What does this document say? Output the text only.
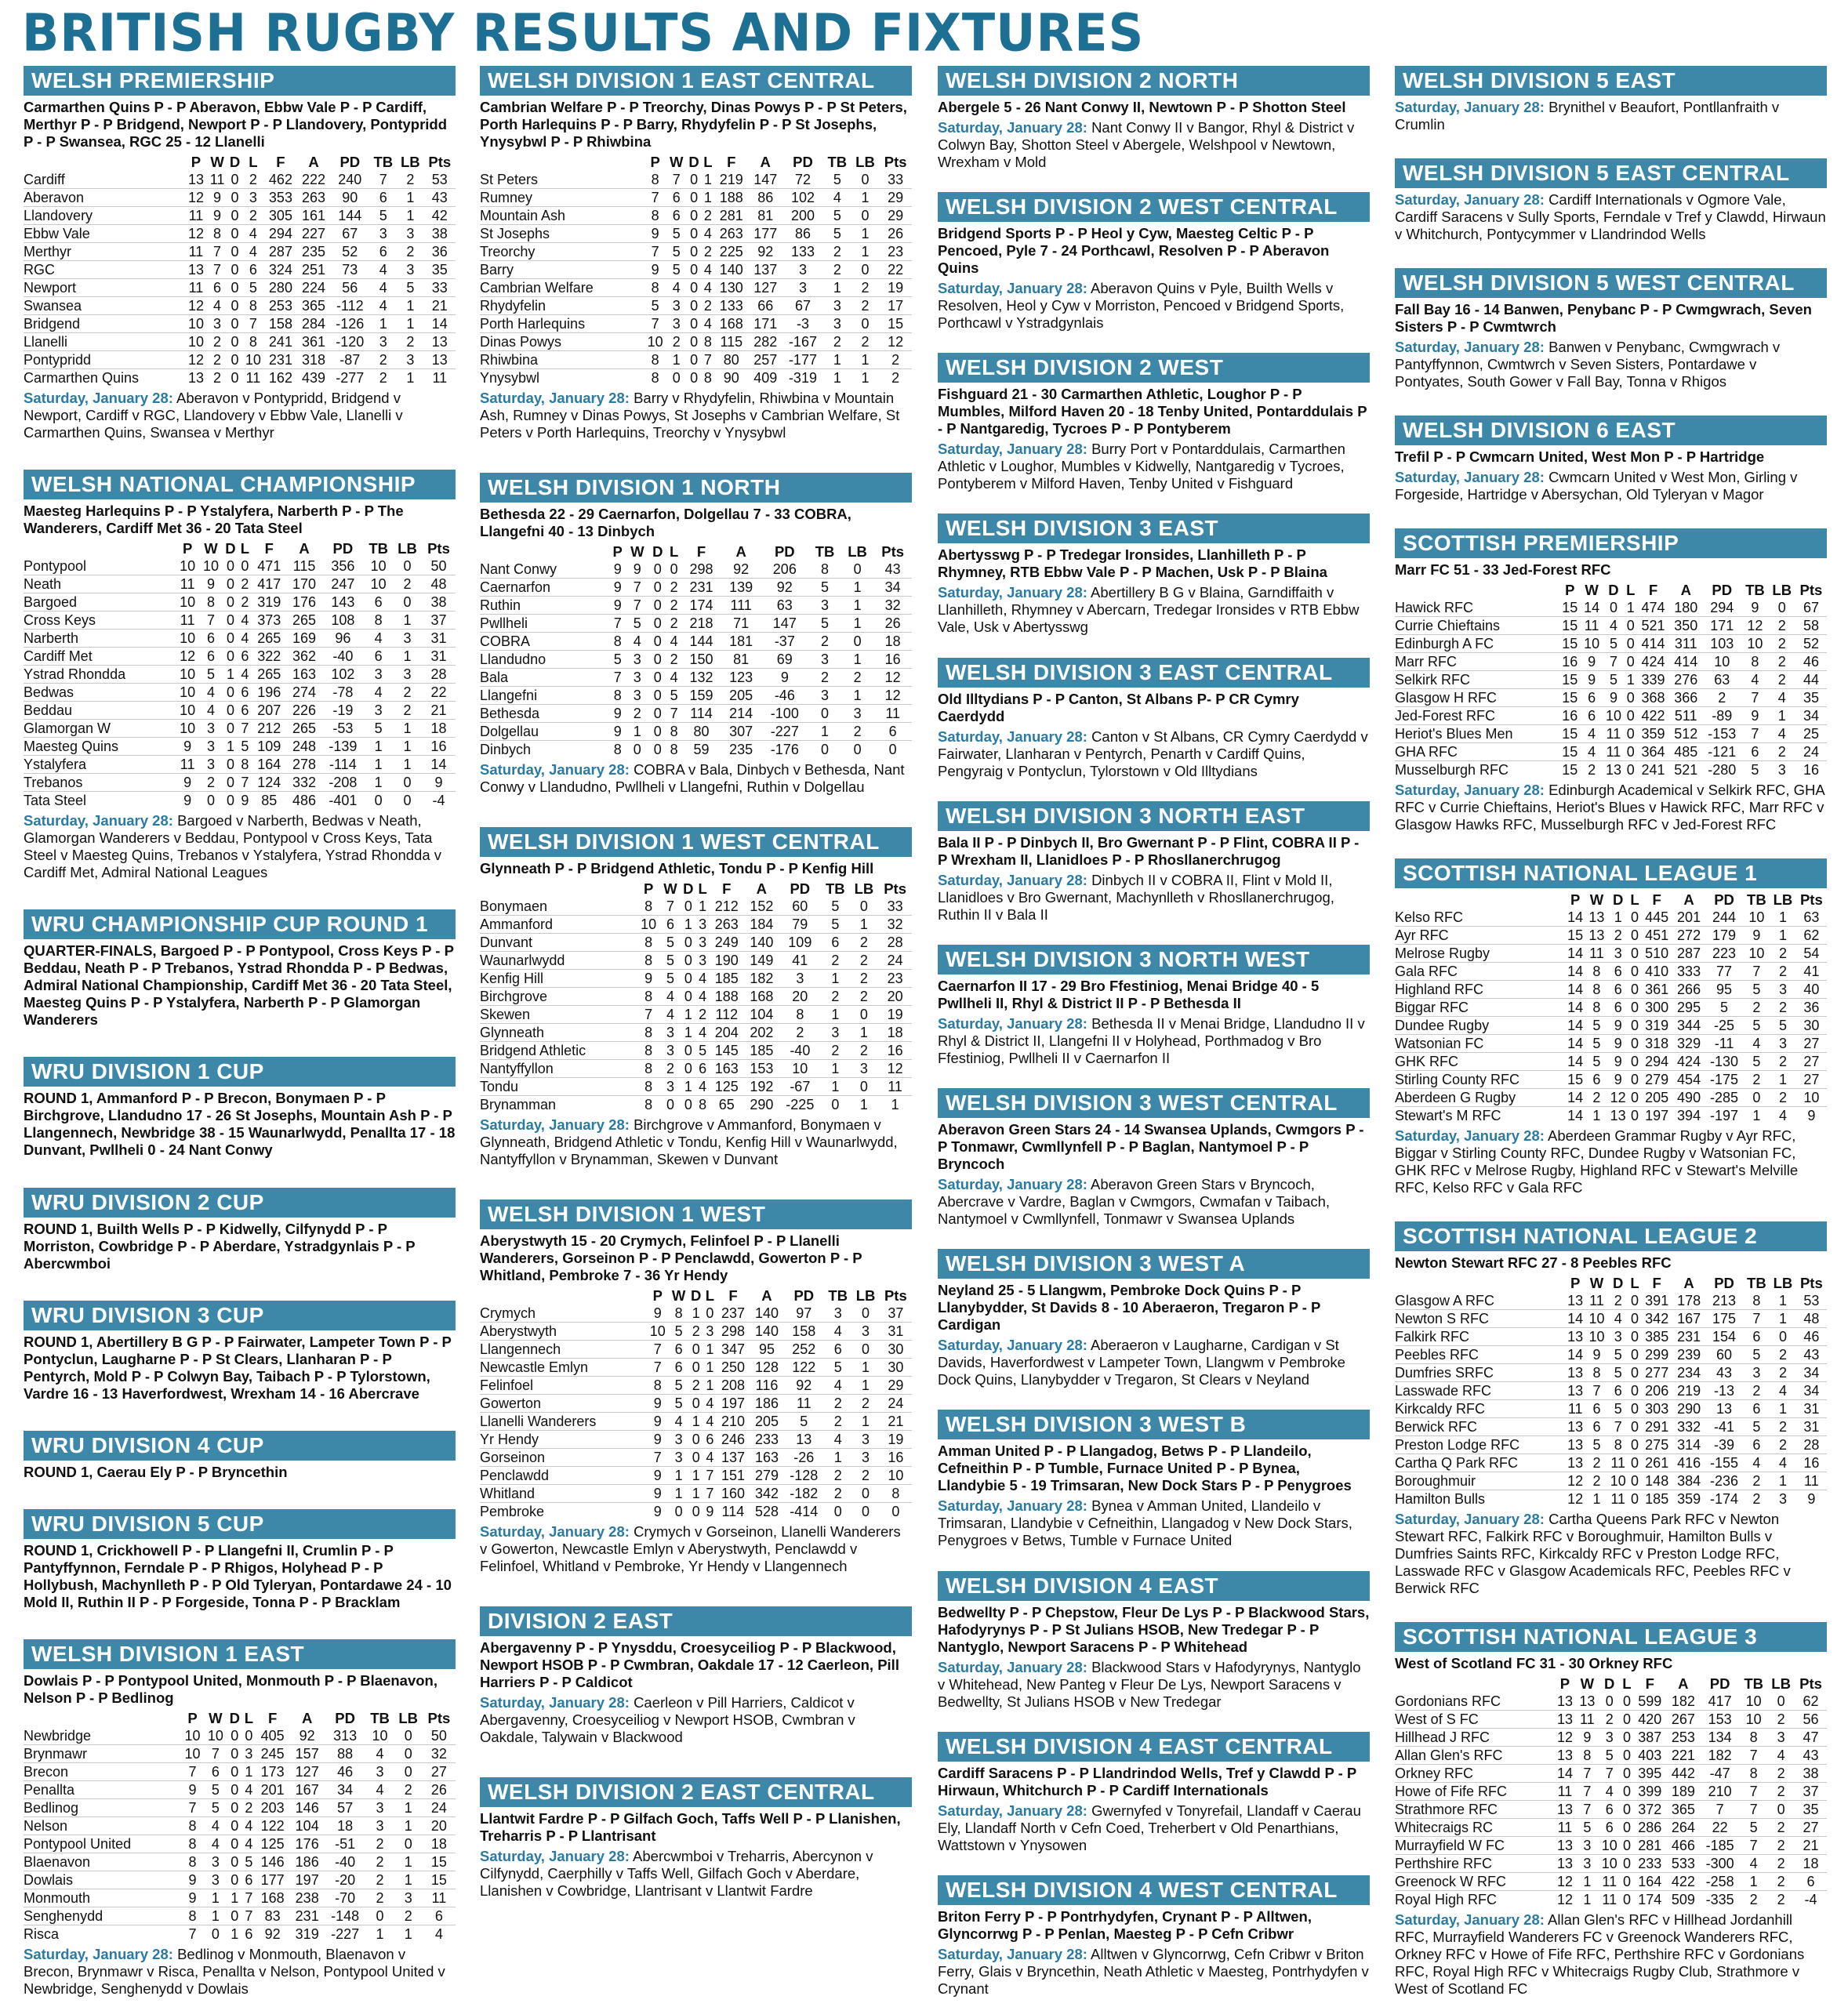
BRITISH RUGBY RESULTS AND FIXTURES
WELSH PREMIERSHIP

Carmarthen Quins P - P Aberavon, Ebbw Vale P - P Cardiff, Merthyr P - P Bridgend, Newport P - P Llandovery, Pontypridd P - P Swansea, RGC 25 - 12 Llanelli

	P	W	D	L	F	A	PD	TB	LB	Pts
Cardiff	13	11	0	2	462	222	240	7	2	53
Aberavon	12	9	0	3	353	263	90	6	1	43
Llandovery	11	9	0	2	305	161	144	5	1	42
Ebbw Vale	12	8	0	4	294	227	67	3	3	38
Merthyr	11	7	0	4	287	235	52	6	2	36
RGC	13	7	0	6	324	251	73	4	3	35
Newport	11	6	0	5	280	224	56	4	5	33
Swansea	12	4	0	8	253	365	-112	4	1	21
Bridgend	10	3	0	7	158	284	-126	1	1	14
Llanelli	10	2	0	8	241	361	-120	3	2	13
Pontypridd	12	2	0	10	231	318	-87	2	3	13
Carmarthen Quins	13	2	0	11	162	439	-277	2	1	11

Saturday, January 28: Aberavon v Pontypridd, Bridgend v Newport, Cardiff v RGC, Llandovery v Ebbw Vale, Llanelli v Carmarthen Quins, Swansea v Merthyr

WELSH NATIONAL CHAMPIONSHIP

Maesteg Harlequins P - P Ystalyfera, Narberth P - P The Wanderers, Cardiff Met 36 - 20 Tata Steel

	P	W	D	L	F	A	PD	TB	LB	Pts
Pontypool	10	10	0	0	471	115	356	10	0	50
Neath	11	9	0	2	417	170	247	10	2	48
Bargoed	10	8	0	2	319	176	143	6	0	38
Cross Keys	11	7	0	4	373	265	108	8	1	37
Narberth	10	6	0	4	265	169	96	4	3	31
Cardiff Met	12	6	0	6	322	362	-40	6	1	31
Ystrad Rhondda	10	5	1	4	265	163	102	3	3	28
Bedwas	10	4	0	6	196	274	-78	4	2	22
Beddau	10	4	0	6	207	226	-19	3	2	21
Glamorgan W	10	3	0	7	212	265	-53	5	1	18
Maesteg Quins	9	3	1	5	109	248	-139	1	1	16
Ystalyfera	11	3	0	8	164	278	-114	1	1	14
Trebanos	9	2	0	7	124	332	-208	1	0	9
Tata Steel	9	0	0	9	85	486	-401	0	0	-4

Saturday, January 28: Bargoed v Narberth, Bedwas v Neath, Glamorgan Wanderers v Beddau, Pontypool v Cross Keys, Tata Steel v Maesteg Quins, Trebanos v Ystalyfera, Ystrad Rhondda v Cardiff Met, Admiral National Leagues

WRU CHAMPIONSHIP CUP ROUND 1

QUARTER-FINALS, Bargoed P - P Pontypool, Cross Keys P - P Beddau, Neath P - P Trebanos, Ystrad Rhondda P - P Bedwas, Admiral National Championship, Cardiff Met 36 - 20 Tata Steel, Maesteg Quins P - P Ystalyfera, Narberth P - P Glamorgan Wanderers

WRU DIVISION 1 CUP

ROUND 1, Ammanford P - P Brecon, Bonymaen P - P Birchgrove, Llandudno 17 - 26 St Josephs, Mountain Ash P - P Llangennech, Newbridge 38 - 15 Waunarlwydd, Penallta 17 - 18 Dunvant, Pwllheli 0 - 24 Nant Conwy

WRU DIVISION 2 CUP

ROUND 1, Builth Wells P - P Kidwelly, Cilfynydd P - P Morriston, Cowbridge P - P Aberdare, Ystradgynlais P - P Abercwmboi

WRU DIVISION 3 CUP

ROUND 1, Abertillery B G P - P Fairwater, Lampeter Town P - P Pontyclun, Laugharne P - P St Clears, Llanharan P - P Pentyrch, Mold P - P Colwyn Bay, Taibach P - P Tylorstown, Vardre 16 - 13 Haverfordwest, Wrexham 14 - 16 Abercrave

WRU DIVISION 4 CUP

ROUND 1, Caerau Ely P - P Bryncethin

WRU DIVISION 5 CUP

ROUND 1, Crickhowell P - P Llangefni II, Crumlin P - P Pantyffynnon, Ferndale P - P Rhigos, Holyhead P - P Hollybush, Machynlleth P - P Old Tyleryan, Pontardawe 24 - 10 Mold II, Ruthin II P - P Forgeside, Tonna P - P Bracklam

WELSH DIVISION 1 EAST

Dowlais P - P Pontypool United, Monmouth P - P Blaenavon, Nelson P - P Bedlinog

	P	W	D	L	F	A	PD	TB	LB	Pts
Newbridge	10	10	0	0	405	92	313	10	0	50
Brynmawr	10	7	0	3	245	157	88	4	0	32
Brecon	7	6	0	1	173	127	46	3	0	27
Penallta	9	5	0	4	201	167	34	4	2	26
Bedlinog	7	5	0	2	203	146	57	3	1	24
Nelson	8	4	0	4	122	104	18	3	1	20
Pontypool United	8	4	0	4	125	176	-51	2	0	18
Blaenavon	8	3	0	5	146	186	-40	2	1	15
Dowlais	9	3	0	6	177	197	-20	2	1	15
Monmouth	9	1	1	7	168	238	-70	2	3	11
Senghenydd	8	1	0	7	83	231	-148	0	2	6
Risca	7	0	1	6	92	319	-227	1	1	4

Saturday, January 28: Bedlinog v Monmouth, Blaenavon v Brecon, Brynmawr v Risca, Penallta v Nelson, Pontypool United v Newbridge, Senghenydd v Dowlais

WELSH DIVISION 1 EAST CENTRAL

Cambrian Welfare P - P Treorchy, Dinas Powys P - P St Peters, Porth Harlequins P - P Barry, Rhydyfelin P - P St Josephs, Ynysybwl P - P Rhiwbina

	P	W	D	L	F	A	PD	TB	LB	Pts
St Peters	8	7	0	1	219	147	72	5	0	33
Rumney	7	6	0	1	188	86	102	4	1	29
Mountain Ash	8	6	0	2	281	81	200	5	0	29
St Josephs	9	5	0	4	263	177	86	5	1	26
Treorchy	7	5	0	2	225	92	133	2	1	23
Barry	9	5	0	4	140	137	3	2	0	22
Cambrian Welfare	8	4	0	4	130	127	3	1	2	19
Rhydyfelin	5	3	0	2	133	66	67	3	2	17
Porth Harlequins	7	3	0	4	168	171	-3	3	0	15
Dinas Powys	10	2	0	8	115	282	-167	2	2	12
Rhiwbina	8	1	0	7	80	257	-177	1	1	2
Ynysybwl	8	0	0	8	90	409	-319	1	1	2

Saturday, January 28: Barry v Rhydyfelin, Rhiwbina v Mountain Ash, Rumney v Dinas Powys, St Josephs v Cambrian Welfare, St Peters v Porth Harlequins, Treorchy v Ynysybwl

WELSH DIVISION 1 NORTH

Bethesda 22 - 29 Caernarfon, Dolgellau 7 - 33 COBRA, Llangefni 40 - 13 Dinbych

	P	W	D	L	F	A	PD	TB	LB	Pts
Nant Conwy	9	9	0	0	298	92	206	8	0	43
Caernarfon	9	7	0	2	231	139	92	5	1	34
Ruthin	9	7	0	2	174	111	63	3	1	32
Pwllheli	7	5	0	2	218	71	147	5	1	26
COBRA	8	4	0	4	144	181	-37	2	0	18
Llandudno	5	3	0	2	150	81	69	3	1	16
Bala	7	3	0	4	132	123	9	2	2	12
Llangefni	8	3	0	5	159	205	-46	3	1	12
Bethesda	9	2	0	7	114	214	-100	0	3	11
Dolgellau	9	1	0	8	80	307	-227	1	2	6
Dinbych	8	0	0	8	59	235	-176	0	0	0

Saturday, January 28: COBRA v Bala, Dinbych v Bethesda, Nant Conwy v Llandudno, Pwllheli v Llangefni, Ruthin v Dolgellau

WELSH DIVISION 1 WEST CENTRAL

Glynneath P - P Bridgend Athletic, Tondu P - P Kenfig Hill

	P	W	D	L	F	A	PD	TB	LB	Pts
Bonymaen	8	7	0	1	212	152	60	5	0	33
Ammanford	10	6	1	3	263	184	79	5	1	32
Dunvant	8	5	0	3	249	140	109	6	2	28
Waunarlwydd	8	5	0	3	190	149	41	2	2	24
Kenfig Hill	9	5	0	4	185	182	3	1	2	23
Birchgrove	8	4	0	4	188	168	20	2	2	20
Skewen	7	4	1	2	112	104	8	1	0	19
Glynneath	8	3	1	4	204	202	2	3	1	18
Bridgend Athletic	8	3	0	5	145	185	-40	2	2	16
Nantyffyllon	8	2	0	6	163	153	10	1	3	12
Tondu	8	3	1	4	125	192	-67	1	0	11
Brynamman	8	0	0	8	65	290	-225	0	1	1

Saturday, January 28: Birchgrove v Ammanford, Bonymaen v Glynneath, Bridgend Athletic v Tondu, Kenfig Hill v Waunarlwydd, Nantyffyllon v Brynamman, Skewen v Dunvant

WELSH DIVISION 1 WEST

Aberystwyth 15 - 20 Crymych, Felinfoel P - P Llanelli Wanderers, Gorseinon P - P Penclawdd, Gowerton P - P Whitland, Pembroke 7 - 36 Yr Hendy

	P	W	D	L	F	A	PD	TB	LB	Pts
Crymych	9	8	1	0	237	140	97	3	0	37
Aberystwyth	10	5	2	3	298	140	158	4	3	31
Llangennech	7	6	0	1	347	95	252	6	0	30
Newcastle Emlyn	7	6	0	1	250	128	122	5	1	30
Felinfoel	8	5	2	1	208	116	92	4	1	29
Gowerton	9	5	0	4	197	186	11	2	2	24
Llanelli Wanderers	9	4	1	4	210	205	5	2	1	21
Yr Hendy	9	3	0	6	246	233	13	4	3	19
Gorseinon	7	3	0	4	137	163	-26	1	3	16
Penclawdd	9	1	1	7	151	279	-128	2	2	10
Whitland	9	1	1	7	160	342	-182	2	0	8
Pembroke	9	0	0	9	114	528	-414	0	0	0

Saturday, January 28: Crymych v Gorseinon, Llanelli Wanderers v Gowerton, Newcastle Emlyn v Aberystwyth, Penclawdd v Felinfoel, Whitland v Pembroke, Yr Hendy v Llangennech

DIVISION 2 EAST

Abergavenny P - P Ynysddu, Croesyceiliog P - P Blackwood, Newport HSOB P - P Cwmbran, Oakdale 17 - 12 Caerleon, Pill Harriers P - P Caldicot

Saturday, January 28: Caerleon v Pill Harriers, Caldicot v Abergavenny, Croesyceiliog v Newport HSOB, Cwmbran v Oakdale, Talywain v Blackwood

WELSH DIVISION 2 EAST CENTRAL

Llantwit Fardre P - P Gilfach Goch, Taffs Well P - P Llanishen, Treharris P - P Llantrisant

Saturday, January 28: Abercwmboi v Treharris, Abercynon v Cilfynydd, Caerphilly v Taffs Well, Gilfach Goch v Aberdare, Llanishen v Cowbridge, Llantrisant v Llantwit Fardre

WELSH DIVISION 2 NORTH

Abergele 5 - 26 Nant Conwy II, Newtown P - P Shotton Steel

Saturday, January 28: Nant Conwy II v Bangor, Rhyl & District v Colwyn Bay, Shotton Steel v Abergele, Welshpool v Newtown, Wrexham v Mold

WELSH DIVISION 2 WEST CENTRAL

Bridgend Sports P - P Heol y Cyw, Maesteg Celtic P - P Pencoed, Pyle 7 - 24 Porthcawl, Resolven P - P Aberavon Quins

Saturday, January 28: Aberavon Quins v Pyle, Builth Wells v Resolven, Heol y Cyw v Morriston, Pencoed v Bridgend Sports, Porthcawl v Ystradgynlais

WELSH DIVISION 2 WEST

Fishguard 21 - 30 Carmarthen Athletic, Loughor P - P Mumbles, Milford Haven 20 - 18 Tenby United, Pontarddulais P - P Nantgaredig, Tycroes P - P Pontyberem

Saturday, January 28: Burry Port v Pontarddulais, Carmarthen Athletic v Loughor, Mumbles v Kidwelly, Nantgaredig v Tycroes, Pontyberem v Milford Haven, Tenby United v Fishguard

WELSH DIVISION 3 EAST

Abertysswg P - P Tredegar Ironsides, Llanhilleth P - P Rhymney, RTB Ebbw Vale P - P Machen, Usk P - P Blaina

Saturday, January 28: Abertillery B G v Blaina, Garndiffaith v Llanhilleth, Rhymney v Abercarn, Tredegar Ironsides v RTB Ebbw Vale, Usk v Abertysswg

WELSH DIVISION 3 EAST CENTRAL

Old Illtydians P - P Canton, St Albans P- P CR Cymry Caerdydd

Saturday, January 28: Canton v St Albans, CR Cymry Caerdydd v Fairwater, Llanharan v Pentyrch, Penarth v Cardiff Quins, Pengyraig v Pontyclun, Tylorstown v Old Illtydians

WELSH DIVISION 3 NORTH EAST

Bala II P - P Dinbych II, Bro Gwernant P - P Flint, COBRA II P - P Wrexham II, Llanidloes P - P Rhosllanerchrugog

Saturday, January 28: Dinbych II v COBRA II, Flint v Mold II, Llanidloes v Bro Gwernant, Machynlleth v Rhosllanerchrugog, Ruthin II v Bala II

WELSH DIVISION 3 NORTH WEST

Caernarfon II 17 - 29 Bro Ffestiniog, Menai Bridge 40 - 5 Pwllheli II, Rhyl & District II P - P Bethesda II

Saturday, January 28: Bethesda II v Menai Bridge, Llandudno II v Rhyl & District II, Llangefni II v Holyhead, Porthmadog v Bro Ffestiniog, Pwllheli II v Caernarfon II

WELSH DIVISION 3 WEST CENTRAL

Aberavon Green Stars 24 - 14 Swansea Uplands, Cwmgors P - P Tonmawr, Cwmllynfell P - P Baglan, Nantymoel P - P Bryncoch

Saturday, January 28: Aberavon Green Stars v Bryncoch, Abercrave v Vardre, Baglan v Cwmgors, Cwmafan v Taibach, Nantymoel v Cwmllynfell, Tonmawr v Swansea Uplands

WELSH DIVISION 3 WEST A

Neyland 25 - 5 Llangwm, Pembroke Dock Quins P - P Llanybydder, St Davids 8 - 10 Aberaeron, Tregaron P - P Cardigan

Saturday, January 28: Aberaeron v Laugharne, Cardigan v St Davids, Haverfordwest v Lampeter Town, Llangwm v Pembroke Dock Quins, Llanybydder v Tregaron, St Clears v Neyland

WELSH DIVISION 3 WEST B

Amman United P - P Llangadog, Betws P - P Llandeilo, Cefneithin P - P Tumble, Furnace United P - P Bynea, Llandybie 5 - 19 Trimsaran, New Dock Stars P - P Penygroes

Saturday, January 28: Bynea v Amman United, Llandeilo v Trimsaran, Llandybie v Cefneithin, Llangadog v New Dock Stars, Penygroes v Betws, Tumble v Furnace United

WELSH DIVISION 4 EAST

Bedwellty P - P Chepstow, Fleur De Lys P - P Blackwood Stars, Hafodyrynys P - P St Julians HSOB, New Tredegar P - P Nantyglo, Newport Saracens P - P Whitehead

Saturday, January 28: Blackwood Stars v Hafodyrynys, Nantyglo v Whitehead, New Panteg v Fleur De Lys, Newport Saracens v Bedwellty, St Julians HSOB v New Tredegar

WELSH DIVISION 4 EAST CENTRAL

Cardiff Saracens P - P Llandrindod Wells, Tref y Clawdd P - P Hirwaun, Whitchurch P - P Cardiff Internationals

Saturday, January 28: Gwernyfed v Tonyrefail, Llandaff v Caerau Ely, Llandaff North v Cefn Coed, Treherbert v Old Penarthians, Wattstown v Ynysowen

WELSH DIVISION 4 WEST CENTRAL

Briton Ferry P - P Pontrhydyfen, Crynant P - P Alltwen, Glyncorrwg P - P Penlan, Maesteg P - P Cefn Cribwr

Saturday, January 28: Alltwen v Glyncorrwg, Cefn Cribwr v Briton Ferry, Glais v Bryncethin, Neath Athletic v Maesteg, Pontrhydyfen v Crynant

WELSH DIVISION 5 EAST

Saturday, January 28: Brynithel v Beaufort, Pontllanfraith v Crumlin

WELSH DIVISION 5 EAST CENTRAL

Saturday, January 28: Cardiff Internationals v Ogmore Vale, Cardiff Saracens v Sully Sports, Ferndale v Tref y Clawdd, Hirwaun v Whitchurch, Pontycymmer v Llandrindod Wells

WELSH DIVISION 5 WEST CENTRAL

Fall Bay 16 - 14 Banwen, Penybanc P - P Cwmgwrach, Seven Sisters P - P Cwmtwrch

Saturday, January 28: Banwen v Penybanc, Cwmgwrach v Pantyffynnon, Cwmtwrch v Seven Sisters, Pontardawe v Pontyates, South Gower v Fall Bay, Tonna v Rhigos

WELSH DIVISION 6 EAST

Trefil P - P Cwmcarn United, West Mon P - P Hartridge

Saturday, January 28: Cwmcarn United v West Mon, Girling v Forgeside, Hartridge v Abersychan, Old Tyleryan v Magor

SCOTTISH PREMIERSHIP

Marr FC 51 - 33 Jed-Forest RFC

	P	W	D	L	F	A	PD	TB	LB	Pts
Hawick RFC	15	14	0	1	474	180	294	9	0	67
Currie Chieftains	15	11	4	0	521	350	171	12	2	58
Edinburgh A FC	15	10	5	0	414	311	103	10	2	52
Marr RFC	16	9	7	0	424	414	10	8	2	46
Selkirk RFC	15	9	5	1	339	276	63	4	2	44
Glasgow H RFC	15	6	9	0	368	366	2	7	4	35
Jed-Forest RFC	16	6	10	0	422	511	-89	9	1	34
Heriot's Blues Men	15	4	11	0	359	512	-153	7	4	25
GHA RFC	15	4	11	0	364	485	-121	6	2	24
Musselburgh RFC	15	2	13	0	241	521	-280	5	3	16

Saturday, January 28: Edinburgh Academical v Selkirk RFC, GHA RFC v Currie Chieftains, Heriot's Blues v Hawick RFC, Marr RFC v Glasgow Hawks RFC, Musselburgh RFC v Jed-Forest RFC

SCOTTISH NATIONAL LEAGUE 1
	P	W	D	L	F	A	PD	TB	LB	Pts
Kelso RFC	14	13	1	0	445	201	244	10	1	63
Ayr RFC	15	13	2	0	451	272	179	9	1	62
Melrose Rugby	14	11	3	0	510	287	223	10	2	54
Gala RFC	14	8	6	0	410	333	77	7	2	41
Highland RFC	14	8	6	0	361	266	95	5	3	40
Biggar RFC	14	8	6	0	300	295	5	2	2	36
Dundee Rugby	14	5	9	0	319	344	-25	5	5	30
Watsonian FC	14	5	9	0	318	329	-11	4	3	27
GHK RFC	14	5	9	0	294	424	-130	5	2	27
Stirling County RFC	15	6	9	0	279	454	-175	2	1	27
Aberdeen G Rugby	14	2	12	0	205	490	-285	0	2	10
Stewart's M RFC	14	1	13	0	197	394	-197	1	4	9

Saturday, January 28: Aberdeen Grammar Rugby v Ayr RFC, Biggar v Stirling County RFC, Dundee Rugby v Watsonian FC, GHK RFC v Melrose Rugby, Highland RFC v Stewart's Melville RFC, Kelso RFC v Gala RFC

SCOTTISH NATIONAL LEAGUE 2

Newton Stewart RFC 27 - 8 Peebles RFC

	P	W	D	L	F	A	PD	TB	LB	Pts
Glasgow A RFC	13	11	2	0	391	178	213	8	1	53
Newton S RFC	14	10	4	0	342	167	175	7	1	48
Falkirk RFC	13	10	3	0	385	231	154	6	0	46
Peebles RFC	14	9	5	0	299	239	60	5	2	43
Dumfries SRFC	13	8	5	0	277	234	43	3	2	34
Lasswade RFC	13	7	6	0	206	219	-13	2	4	34
Kirkcaldy RFC	11	6	5	0	303	290	13	6	1	31
Berwick RFC	13	6	7	0	291	332	-41	5	2	31
Preston Lodge RFC	13	5	8	0	275	314	-39	6	2	28
Cartha Q Park RFC	13	2	11	0	261	416	-155	4	4	16
Boroughmuir	12	2	10	0	148	384	-236	2	1	11
Hamilton Bulls	12	1	11	0	185	359	-174	2	3	9

Saturday, January 28: Cartha Queens Park RFC v Newton Stewart RFC, Falkirk RFC v Boroughmuir, Hamilton Bulls v Dumfries Saints RFC, Kirkcaldy RFC v Preston Lodge RFC, Lasswade RFC v Glasgow Academicals RFC, Peebles RFC v Berwick RFC

SCOTTISH NATIONAL LEAGUE 3

West of Scotland FC 31 - 30 Orkney RFC

	P	W	D	L	F	A	PD	TB	LB	Pts
Gordonians RFC	13	13	0	0	599	182	417	10	0	62
West of S FC	13	11	2	0	420	267	153	10	2	56
Hillhead J RFC	12	9	3	0	387	253	134	8	3	47
Allan Glen's RFC	13	8	5	0	403	221	182	7	4	43
Orkney RFC	14	7	7	0	395	442	-47	8	2	38
Howe of Fife RFC	11	7	4	0	399	189	210	7	2	37
Strathmore RFC	13	7	6	0	372	365	7	7	0	35
Whitecraigs RC	11	5	6	0	286	264	22	5	2	27
Murrayfield W FC	13	3	10	0	281	466	-185	7	2	21
Perthshire RFC	13	3	10	0	233	533	-300	4	2	18
Greenock W RFC	12	1	11	0	164	422	-258	1	2	6
Royal High RFC	12	1	11	0	174	509	-335	2	2	-4

Saturday, January 28: Allan Glen's RFC v Hillhead Jordanhill RFC, Murrayfield Wanderers FC v Greenock Wanderers RFC, Orkney RFC v Howe of Fife RFC, Perthshire RFC v Gordonians RFC, Royal High RFC v Whitecraigs Rugby Club, Strathmore v West of Scotland FC
